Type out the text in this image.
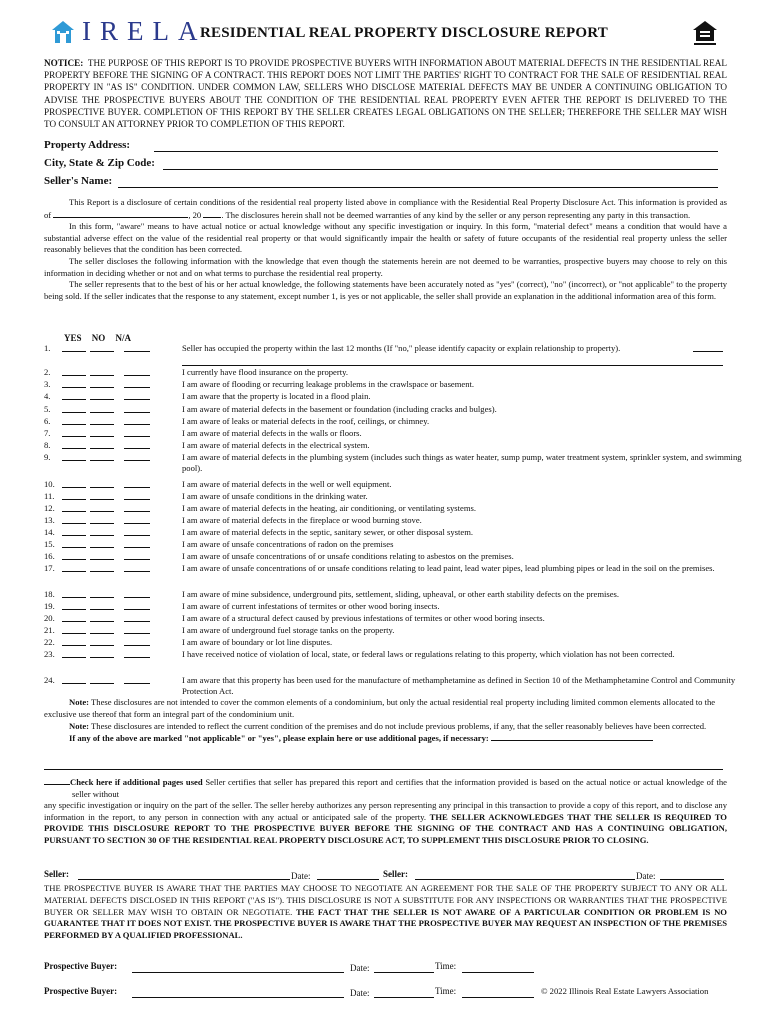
IRELA
RESIDENTIAL REAL PROPERTY DISCLOSURE REPORT
NOTICE: THE PURPOSE OF THIS REPORT IS TO PROVIDE PROSPECTIVE BUYERS WITH INFORMATION ABOUT MATERIAL DEFECTS IN THE RESIDENTIAL REAL PROPERTY BEFORE THE SIGNING OF A CONTRACT. THIS REPORT DOES NOT LIMIT THE PARTIES' RIGHT TO CONTRACT FOR THE SALE OF RESIDENTIAL REAL PROPERTY IN "AS IS" CONDITION. UNDER COMMON LAW, SELLERS WHO DISCLOSE MATERIAL DEFECTS MAY BE UNDER A CONTINUING OBLIGATION TO ADVISE THE PROSPECTIVE BUYERS ABOUT THE CONDITION OF THE RESIDENTIAL REAL PROPERTY EVEN AFTER THE REPORT IS DELIVERED TO THE PROSPECTIVE BUYER. COMPLETION OF THIS REPORT BY THE SELLER CREATES LEGAL OBLIGATIONS ON THE SELLER; THEREFORE THE SELLER MAY WISH TO CONSULT AN ATTORNEY PRIOR TO COMPLETION OF THIS REPORT.
Property Address:
City, State & Zip Code:
Seller's Name:

This Report is a disclosure of certain conditions of the residential real property listed above in compliance with the Residential Real Property Disclosure Act. This information is provided as of	, 20 . The disclosures herein shall not be deemed warranties of any kind by the seller or any person representing any party in this transaction.

In this form, "aware" means to have actual notice or actual knowledge without any specific investigation or inquiry. In this form, "material defect" means a condition that would have a substantial adverse effect on the value of the residential real property or that would significantly impair the health or safety of future occupants of the residential real property unless the seller reasonably believes that the condition has been corrected.

The seller discloses the following information with the knowledge that even though the statements herein are not deemed to be warranties, prospective buyers may choose to rely on this information in deciding whether or not and on what terms to purchase the residential real property.

The seller represents that to the best of his or her actual knowledge, the following statements have been accurately noted as "yes" (correct), "no" (incorrect), or "not applicable" to the property being sold. If the seller indicates that the response to any statement, except number 1, is yes or not applicable, the seller shall provide an explanation in the additional information area of this form.

YES NO N/A
1.	Seller has occupied the property within the last 12 months (If "no," please identify capacity or explain relationship to property).
2.	I currently have flood insurance on the property.
3.	I am aware of flooding or recurring leakage problems in the crawlspace or basement.
4.	I am aware that the property is located in a flood plain.
5.	I am aware of material defects in the basement or foundation (including cracks and bulges).
6.	I am aware of leaks or material defects in the roof, ceilings, or chimney.
7.	I am aware of material defects in the walls or floors.
8.	I am aware of material defects in the electrical system.
9.	I am aware of material defects in the plumbing system (includes such things as water heater, sump pump, water treatment system, sprinkler system, and swimming pool).
10.	I am aware of material defects in the well or well equipment.
11.	I am aware of unsafe conditions in the drinking water.
12.	I am aware of material defects in the heating, air conditioning, or ventilating systems.
13.	I am aware of material defects in the fireplace or wood burning stove.
14.	I am aware of material defects in the septic, sanitary sewer, or other disposal system.
15.	I am aware of unsafe concentrations of radon on the premises
16.	I am aware of unsafe concentrations of or unsafe conditions relating to asbestos on the premises.
17.	I am aware of unsafe concentrations of or unsafe conditions relating to lead paint, lead water pipes, lead plumbing pipes or lead in the soil on the premises.
18.	I am aware of mine subsidence, underground pits, settlement, sliding, upheaval, or other earth stability defects on the premises.
19.	I am aware of current infestations of termites or other wood boring insects.
20.	I am aware of a structural defect caused by previous infestations of termites or other wood boring insects.
21.	I am aware of underground fuel storage tanks on the property.
22.	I am aware of boundary or lot line disputes.
23.	I have received notice of violation of local, state, or federal laws or regulations relating to this property, which violation has not been corrected.
24.	I am aware that this property has been used for the manufacture of methamphetamine as defined in Section 10 of the Methamphetamine Control and Community Protection Act.

Note: These disclosures are not intended to cover the common elements of a condominium, but only the actual residential real property including limited common elements allocated to the exclusive use thereof that form an integral part of the condominium unit.

Note: These disclosures are intended to reflect the current condition of the premises and do not include previous problems, if any, that the seller reasonably believes have been corrected.

If any of the above are marked "not applicable" or "yes", please explain here or use additional pages, if necessary:

Check here if additional pages used Seller certifies that seller has prepared this report and certifies that the information provided is based on the actual notice or actual knowledge of the seller without

any specific investigation or inquiry on the part of the seller. The seller hereby authorizes any person representing any principal in this transaction to provide a copy of this report, and to disclose any information in the report, to any person in connection with any actual or anticipated sale of the property. THE SELLER ACKNOWLEDGES THAT THE SELLER IS REQUIRED TO PROVIDE THIS DISCLOSURE REPORT TO THE PROSPECTIVE BUYER BEFORE THE SIGNING OF THE CONTRACT AND HAS A CONTINUING OBLIGATION, PURSUANT TO SECTION 30 OF THE RESIDENTIAL REAL PROPERTY DISCLOSURE ACT, TO SUPPLEMENT THIS DISCLOSURE PRIOR TO CLOSING.

Seller:	Date:	Seller:	Date:

THE PROSPECTIVE BUYER IS AWARE THAT THE PARTIES MAY CHOOSE TO NEGOTIATE AN AGREEMENT FOR THE SALE OF THE PROPERTY SUBJECT TO ANY OR ALL MATERIAL DEFECTS DISCLOSED IN THIS REPORT ("AS IS"). THIS DISCLOSURE IS NOT A SUBSTITUTE FOR ANY INSPECTIONS OR WARRANTIES THAT THE PROSPECTIVE BUYER OR SELLER MAY WISH TO OBTAIN OR NEGOTIATE. THE FACT THAT THE SELLER IS NOT AWARE OF A PARTICULAR CONDITION OR PROBLEM IS NO GUARANTEE THAT IT DOES NOT EXIST. THE PROSPECTIVE BUYER IS AWARE THAT THE PROSPECTIVE BUYER MAY REQUEST AN INSPECTION OF THE PREMISES PERFORMED BY A QUALIFIED PROFESSIONAL.

Prospective Buyer:	Date:	Time:
Prospective Buyer:	Date:	Time:	© 2022 Illinois Real Estate Lawyers Association
